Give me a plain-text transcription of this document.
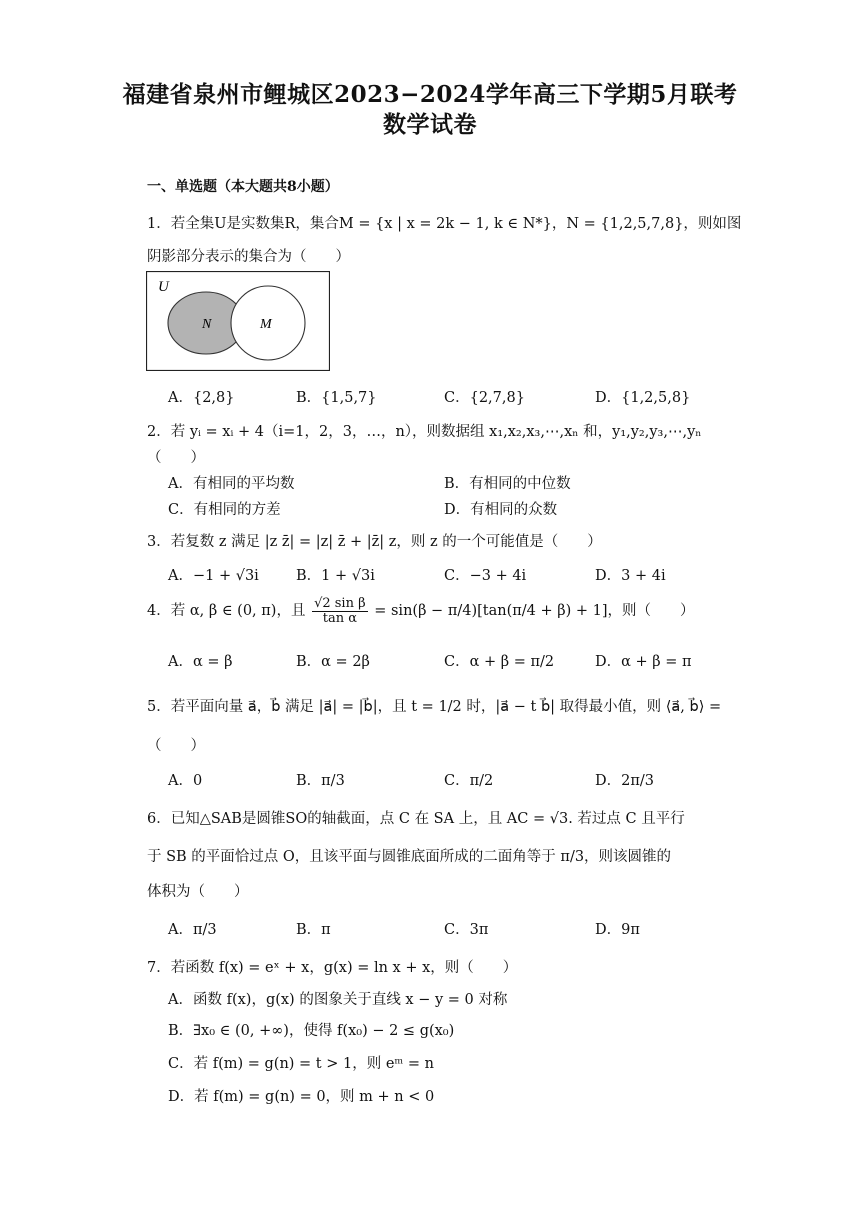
福建省泉州市鲤城区2023−2024学年高三下学期5月联考
数学试卷
一、单选题（本大题共8小题）
1．若全集U是实数集R，集合M = {x | x = 2k − 1, k ∈ N*}，N = {1,2,5,7,8}，则如图
阴影部分表示的集合为（　　）
U
N	M
A．{2,8}	B．{1,5,7}	C．{2,7,8}	D．{1,2,5,8}
2．若 yᵢ = xᵢ + 4（i=1，2，3，…，n），则数据组 x₁,x₂,x₃,⋯,xₙ 和，y₁,y₂,y₃,⋯,yₙ
（　　）
A．有相同的平均数	B．有相同的中位数
C．有相同的方差	D．有相同的众数
3．若复数 z 满足 |z z̄| = |z| z̄ + |z̄| z，则 z 的一个可能值是（　　）
A．−1 + √3i	B．1 + √3i	C．−3 + 4i	D．3 + 4i
4．若 α, β ∈ (0, π)，且 $\frac{\text{√2 sin β}}{\text{tan α}} = \sin(\beta - \pi/4)[\tan(\pi/4 + \beta) + 1]$，则（　　）
A．α = β	B．α = 2β	C．α + β = π/2	D．α + β = π
5．若平面向量 a⃗，b⃗ 满足 |a⃗| = |b⃗|，且 t = 1/2 时，|a⃗ − t b⃗| 取得最小值，则 ⟨a⃗, b⃗⟩ =
（　　）
A．0	B．π/3	C．π/2	D．2π/3
6．已知△SAB是圆锥SO的轴截面，点 C 在 SA 上，且 AC = √3. 若过点 C 且平行
于 SB 的平面恰过点 O，且该平面与圆锥底面所成的二面角等于 π/3，则该圆锥的
体积为（　　）
A．π/3	B．π	C．3π	D．9π
7．若函数 f(x) = eˣ + x，g(x) = ln x + x，则（　　）
A．函数 f(x)，g(x) 的图象关于直线 x − y = 0 对称
B．∃x₀ ∈ (0, +∞)，使得 f(x₀) − 2 ≤ g(x₀)
C．若 f(m) = g(n) = t > 1，则 eᵐ = n
D．若 f(m) = g(n) = 0，则 m + n < 0
